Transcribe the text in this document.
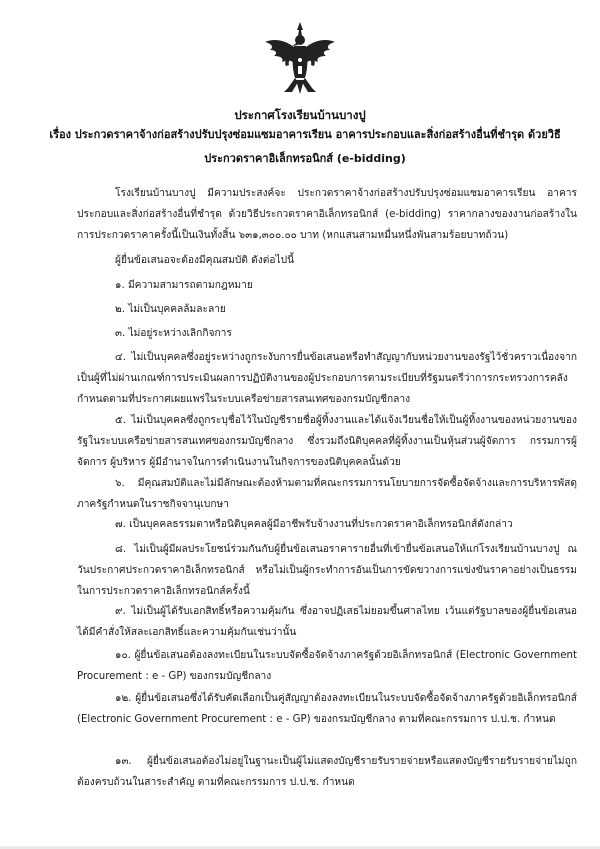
ประกาศโรงเรียนบ้านบางปู
เรื่อง ประกวดราคาจ้างก่อสร้างปรับปรุงซ่อมแซมอาคารเรียน อาคารประกอบและสิ่งก่อสร้างอื่นที่ชำรุด ด้วยวิธี
ประกวดราคาอิเล็กทรอนิกส์ (e-bidding)
โรงเรียนบ้านบางปู มีความประสงค์จะ ประกวดราคาจ้างก่อสร้างปรับปรุงซ่อมแซมอาคารเรียน อาคารประกอบและสิ่งก่อสร้างอื่นที่ชำรุด ด้วยวิธีประกวดราคาอิเล็กทรอนิกส์ (e-bidding) ราคากลางของงานก่อสร้างในการประกวดราคาครั้งนี้เป็นเงินทั้งสิ้น ๖๓๑,๓๐๐.๐๐ บาท (หกแสนสามหมื่นหนึ่งพันสามร้อยบาทถ้วน)
ผู้ยื่นข้อเสนอจะต้องมีคุณสมบัติ ดังต่อไปนี้
๑. มีความสามารถตามกฎหมาย
๒. ไม่เป็นบุคคลล้มละลาย
๓. ไม่อยู่ระหว่างเลิกกิจการ
๔. ไม่เป็นบุคคลซึ่งอยู่ระหว่างถูกระงับการยื่นข้อเสนอหรือทำสัญญากับหน่วยงานของรัฐไว้ชั่วคราวเนื่องจากเป็นผู้ที่ไม่ผ่านเกณฑ์การประเมินผลการปฏิบัติงานของผู้ประกอบการตามระเบียบที่รัฐมนตรีว่าการกระทรวงการคลังกำหนดตามที่ประกาศเผยแพร่ในระบบเครือข่ายสารสนเทศของกรมบัญชีกลาง
๕. ไม่เป็นบุคคลซึ่งถูกระบุชื่อไว้ในบัญชีรายชื่อผู้ทิ้งงานและได้แจ้งเวียนชื่อให้เป็นผู้ทิ้งงานของหน่วยงานของรัฐในระบบเครือข่ายสารสนเทศของกรมบัญชีกลาง ซึ่งรวมถึงนิติบุคคลที่ผู้ทิ้งงานเป็นหุ้นส่วนผู้จัดการ กรรมการผู้จัดการ ผู้บริหาร ผู้มีอำนาจในการดำเนินงานในกิจการของนิติบุคคลนั้นด้วย
๖. มีคุณสมบัติและไม่มีลักษณะต้องห้ามตามที่คณะกรรมการนโยบายการจัดซื้อจัดจ้างและการบริหารพัสดุภาครัฐกำหนดในราชกิจจานุเบกษา
๗. เป็นบุคคลธรรมดาหรือนิติบุคคลผู้มีอาชีพรับจ้างงานที่ประกวดราคาอิเล็กทรอนิกส์ดังกล่าว
๘. ไม่เป็นผู้มีผลประโยชน์ร่วมกันกับผู้ยื่นข้อเสนอราคารายอื่นที่เข้ายื่นข้อเสนอให้แก่โรงเรียนบ้านบางปู ณ วันประกาศประกวดราคาอิเล็กทรอนิกส์ หรือไม่เป็นผู้กระทำการอันเป็นการขัดขวางการแข่งขันราคาอย่างเป็นธรรม ในการประกวดราคาอิเล็กทรอนิกส์ครั้งนี้
๙. ไม่เป็นผู้ได้รับเอกสิทธิ์หรือความคุ้มกัน ซึ่งอาจปฏิเสธไม่ยอมขึ้นศาลไทย เว้นแต่รัฐบาลของผู้ยื่นข้อเสนอได้มีคำสั่งให้สละเอกสิทธิ์และความคุ้มกันเช่นว่านั้น
๑๐. ผู้ยื่นข้อเสนอต้องลงทะเบียนในระบบจัดซื้อจัดจ้างภาครัฐด้วยอิเล็กทรอนิกส์ (Electronic Government Procurement : e - GP) ของกรมบัญชีกลาง
๑๒. ผู้ยื่นข้อเสนอซึ่งได้รับคัดเลือกเป็นคู่สัญญาต้องลงทะเบียนในระบบจัดซื้อจัดจ้างภาครัฐด้วยอิเล็กทรอนิกส์ (Electronic Government Procurement : e - GP) ของกรมบัญชีกลาง ตามที่คณะกรรมการ ป.ป.ช. กำหนด
๑๓. ผู้ยื่นข้อเสนอต้องไม่อยู่ในฐานะเป็นผู้ไม่แสดงบัญชีรายรับรายจ่ายหรือแสดงบัญชีรายรับรายจ่ายไม่ถูกต้องครบถ้วนในสาระสำคัญ ตามที่คณะกรรมการ ป.ป.ช. กำหนด
